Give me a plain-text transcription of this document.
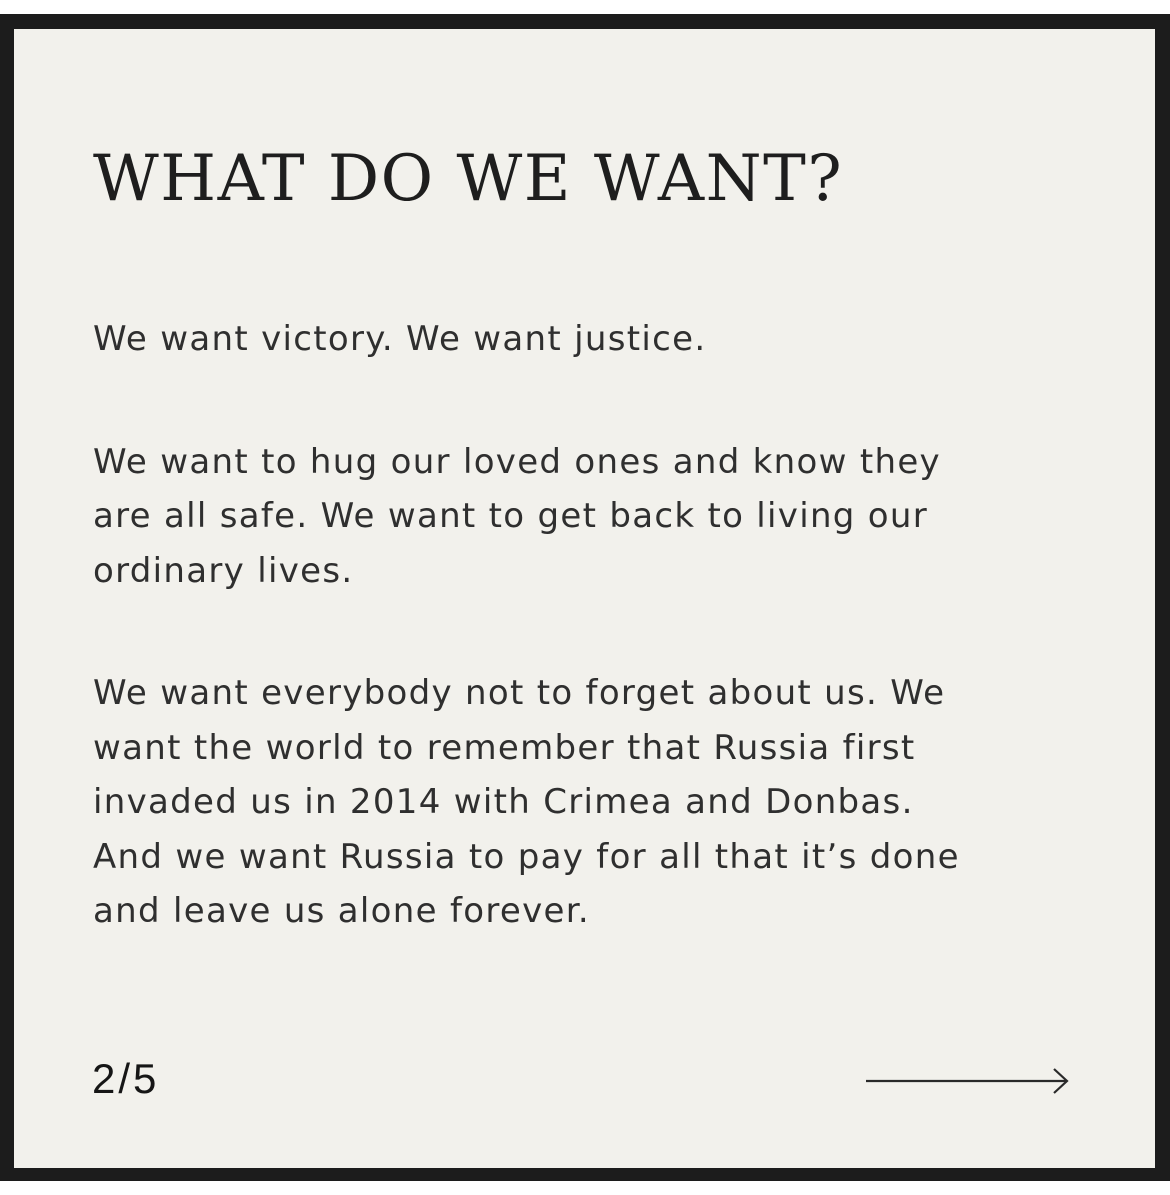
WHAT DO WE WANT?

We want victory. We want justice.

We want to hug our loved ones and know they
are all safe. We want to get back to living our
ordinary lives.

We want everybody not to forget about us. We
want the world to remember that Russia first
invaded us in 2014 with Crimea and Donbas.
And we want Russia to pay for all that it’s done
and leave us alone forever.

2/5
